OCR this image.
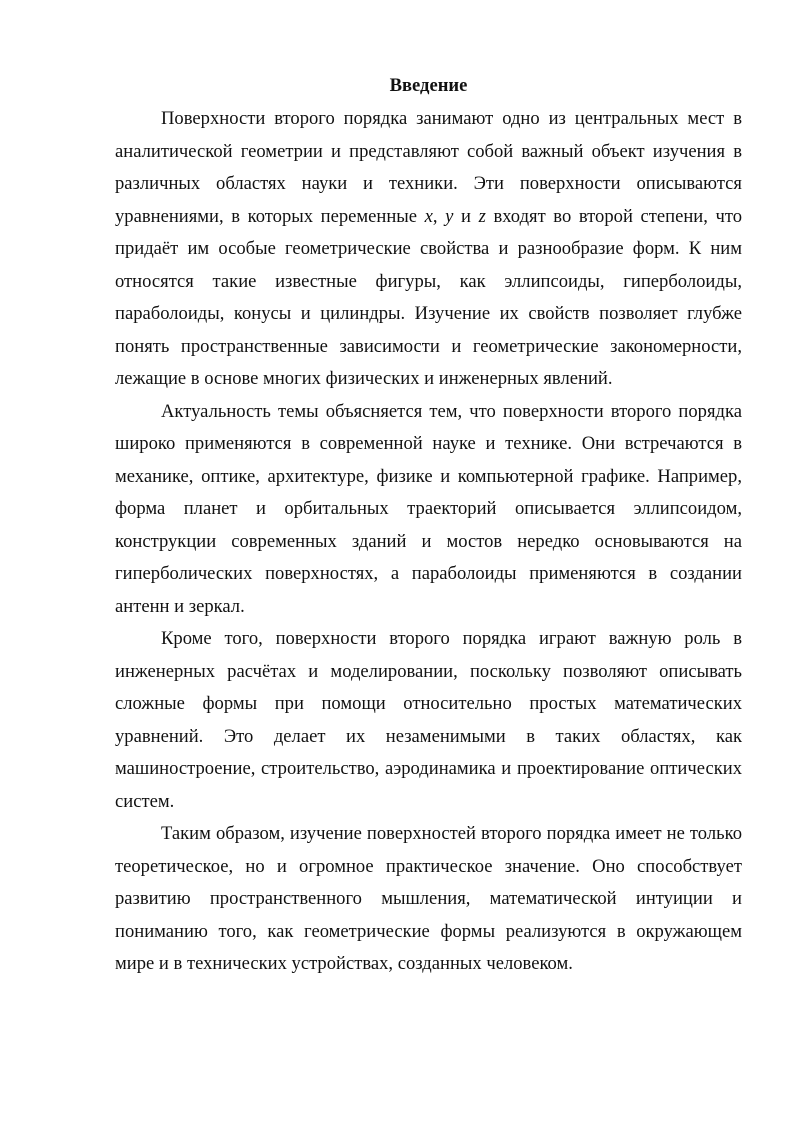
Введение

Поверхности второго порядка занимают одно из центральных мест в аналитической геометрии и представляют собой важный объект изучения в различных областях науки и техники. Эти поверхности описываются уравнениями, в которых переменные x, y и z входят во второй степени, что придаёт им особые геометрические свойства и разнообразие форм. К ним относятся такие известные фигуры, как эллипсоиды, гиперболоиды, параболоиды, конусы и цилиндры. Изучение их свойств позволяет глубже понять пространственные зависимости и геометрические закономерности, лежащие в основе многих физических и инженерных явлений.

Актуальность темы объясняется тем, что поверхности второго порядка широко применяются в современной науке и технике. Они встречаются в механике, оптике, архитектуре, физике и компьютерной графике. Например, форма планет и орбитальных траекторий описывается эллипсоидом, конструкции современных зданий и мостов нередко основываются на гиперболических поверхностях, а параболоиды применяются в создании антенн и зеркал.

Кроме того, поверхности второго порядка играют важную роль в инженерных расчётах и моделировании, поскольку позволяют описывать сложные формы при помощи относительно простых математических уравнений. Это делает их незаменимыми в таких областях, как машиностроение, строительство, аэродинамика и проектирование оптических систем.

Таким образом, изучение поверхностей второго порядка имеет не только теоретическое, но и огромное практическое значение. Оно способствует развитию пространственного мышления, математической интуиции и пониманию того, как геометрические формы реализуются в окружающем мире и в технических устройствах, созданных человеком.
